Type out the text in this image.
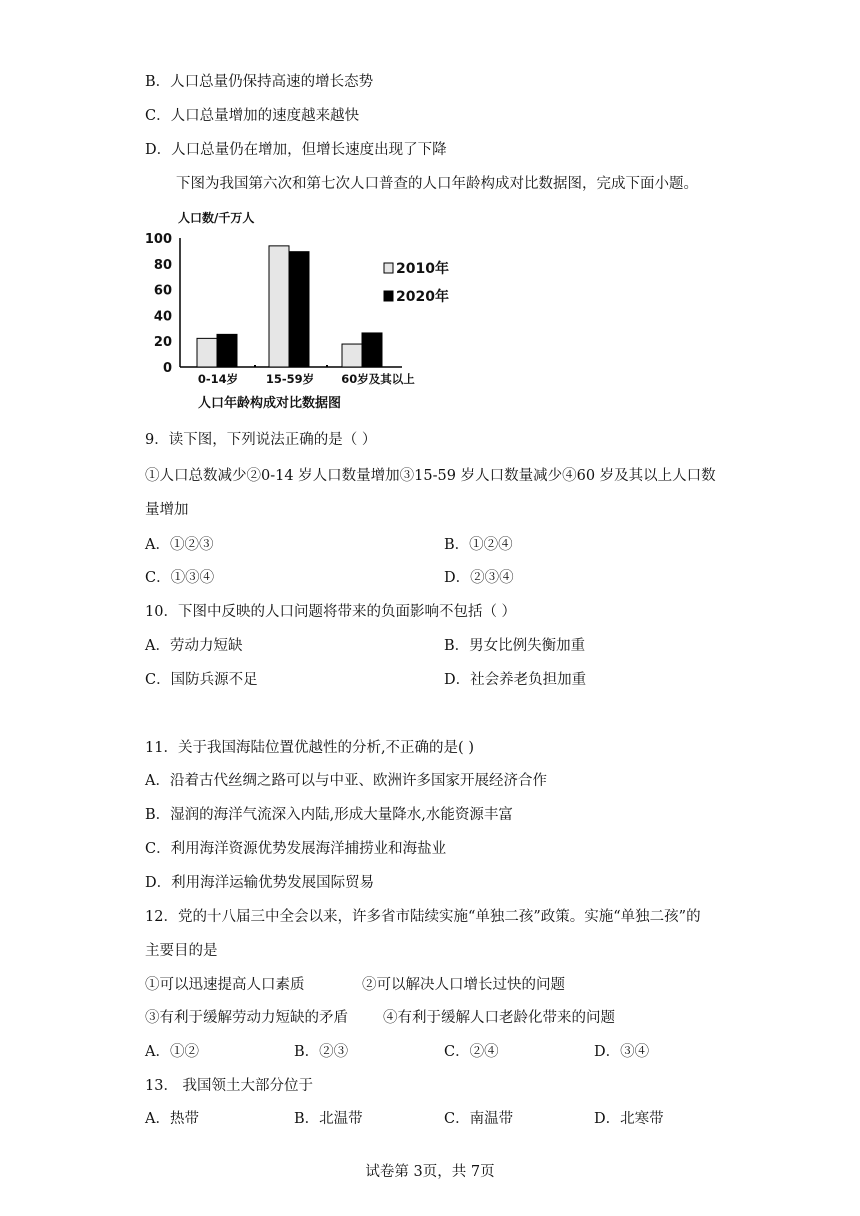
B．人口总量仍保持高速的增长态势
C．人口总量增加的速度越来越快
D．人口总量仍在增加，但增长速度出现了下降
下图为我国第六次和第七次人口普查的人口年龄构成对比数据图，完成下面小题。
人口数/千万人
100
80
60
40
20
0
0-14岁 15-59岁 60岁及其以上
2010年
2020年
人口年龄构成对比数据图
9．读下图，下列说法正确的是（ ）
①人口总数减少②0-14 岁人口数量增加③15-59 岁人口数量减少④60 岁及其以上人口数
量增加
A．①②③	B．①②④
C．①③④	D．②③④
10．下图中反映的人口问题将带来的负面影响不包括（ ）
A．劳动力短缺	B．男女比例失衡加重
C．国防兵源不足	D．社会养老负担加重
11．关于我国海陆位置优越性的分析,不正确的是( )
A．沿着古代丝绸之路可以与中亚、欧洲许多国家开展经济合作
B．湿润的海洋气流深入内陆,形成大量降水,水能资源丰富
C．利用海洋资源优势发展海洋捕捞业和海盐业
D．利用海洋运输优势发展国际贸易
12．党的十八届三中全会以来，许多省市陆续实施“单独二孩”政策。实施“单独二孩”的
主要目的是
①可以迅速提高人口素质	②可以解决人口增长过快的问题
③有利于缓解劳动力短缺的矛盾 ④有利于缓解人口老龄化带来的问题
A．①②	B．②③	C．②④	D．③④
13． 我国领土大部分位于
A．热带	B．北温带	C．南温带	D．北寒带
试卷第 3页，共 7页
